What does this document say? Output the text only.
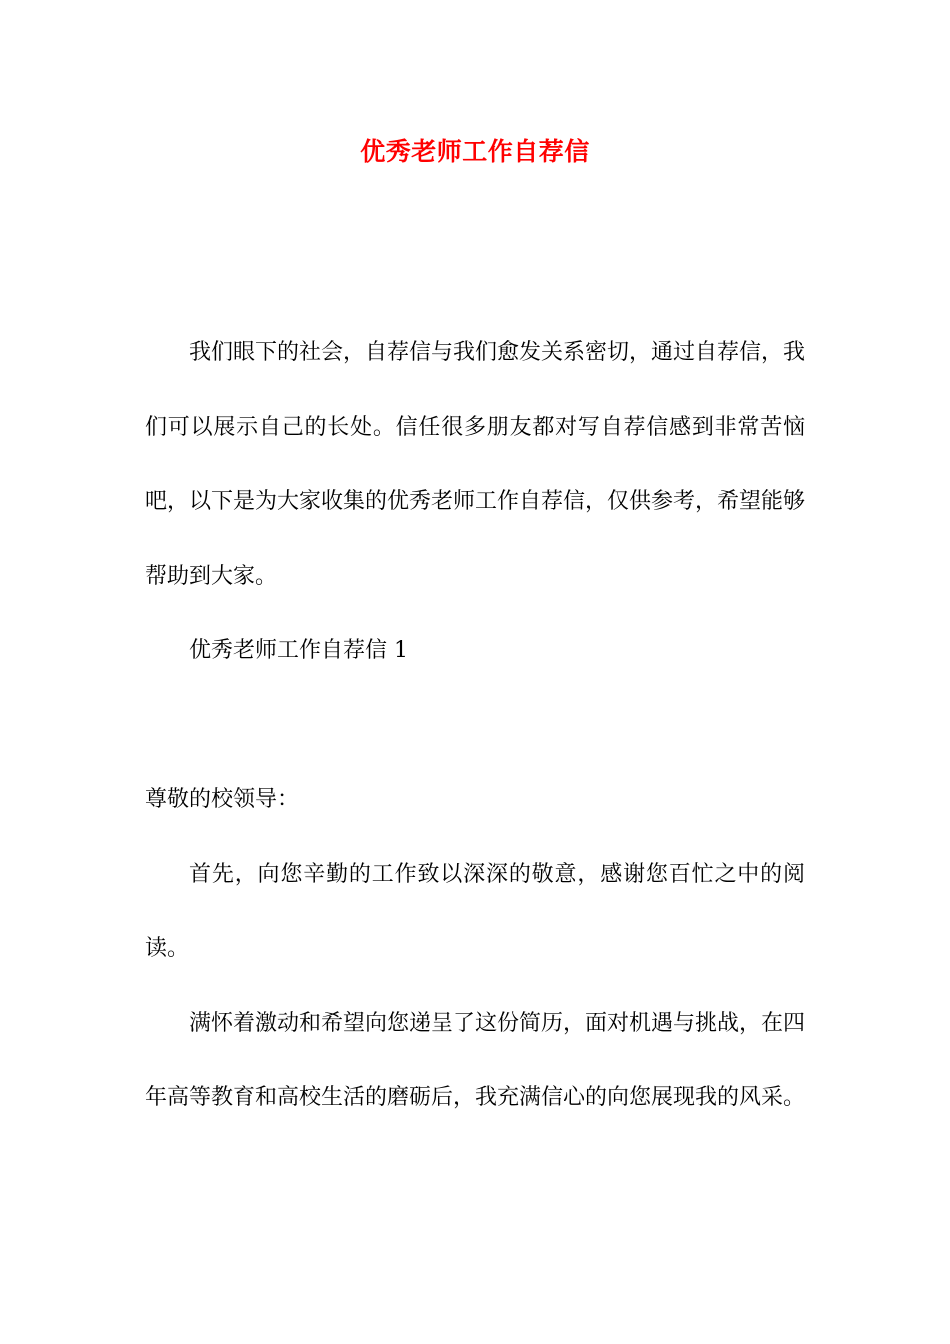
优秀老师工作自荐信

我们眼下的社会，自荐信与我们愈发关系密切，通过自荐信，我们可以展示自己的长处。信任很多朋友都对写自荐信感到非常苦恼吧，以下是为大家收集的优秀老师工作自荐信，仅供参考，希望能够帮助到大家。

优秀老师工作自荐信 1

尊敬的校领导：

首先，向您辛勤的工作致以深深的敬意，感谢您百忙之中的阅读。

满怀着激动和希望向您递呈了这份简历，面对机遇与挑战，在四年高等教育和高校生活的磨砺后，我充满信心的向您展现我的风采。
